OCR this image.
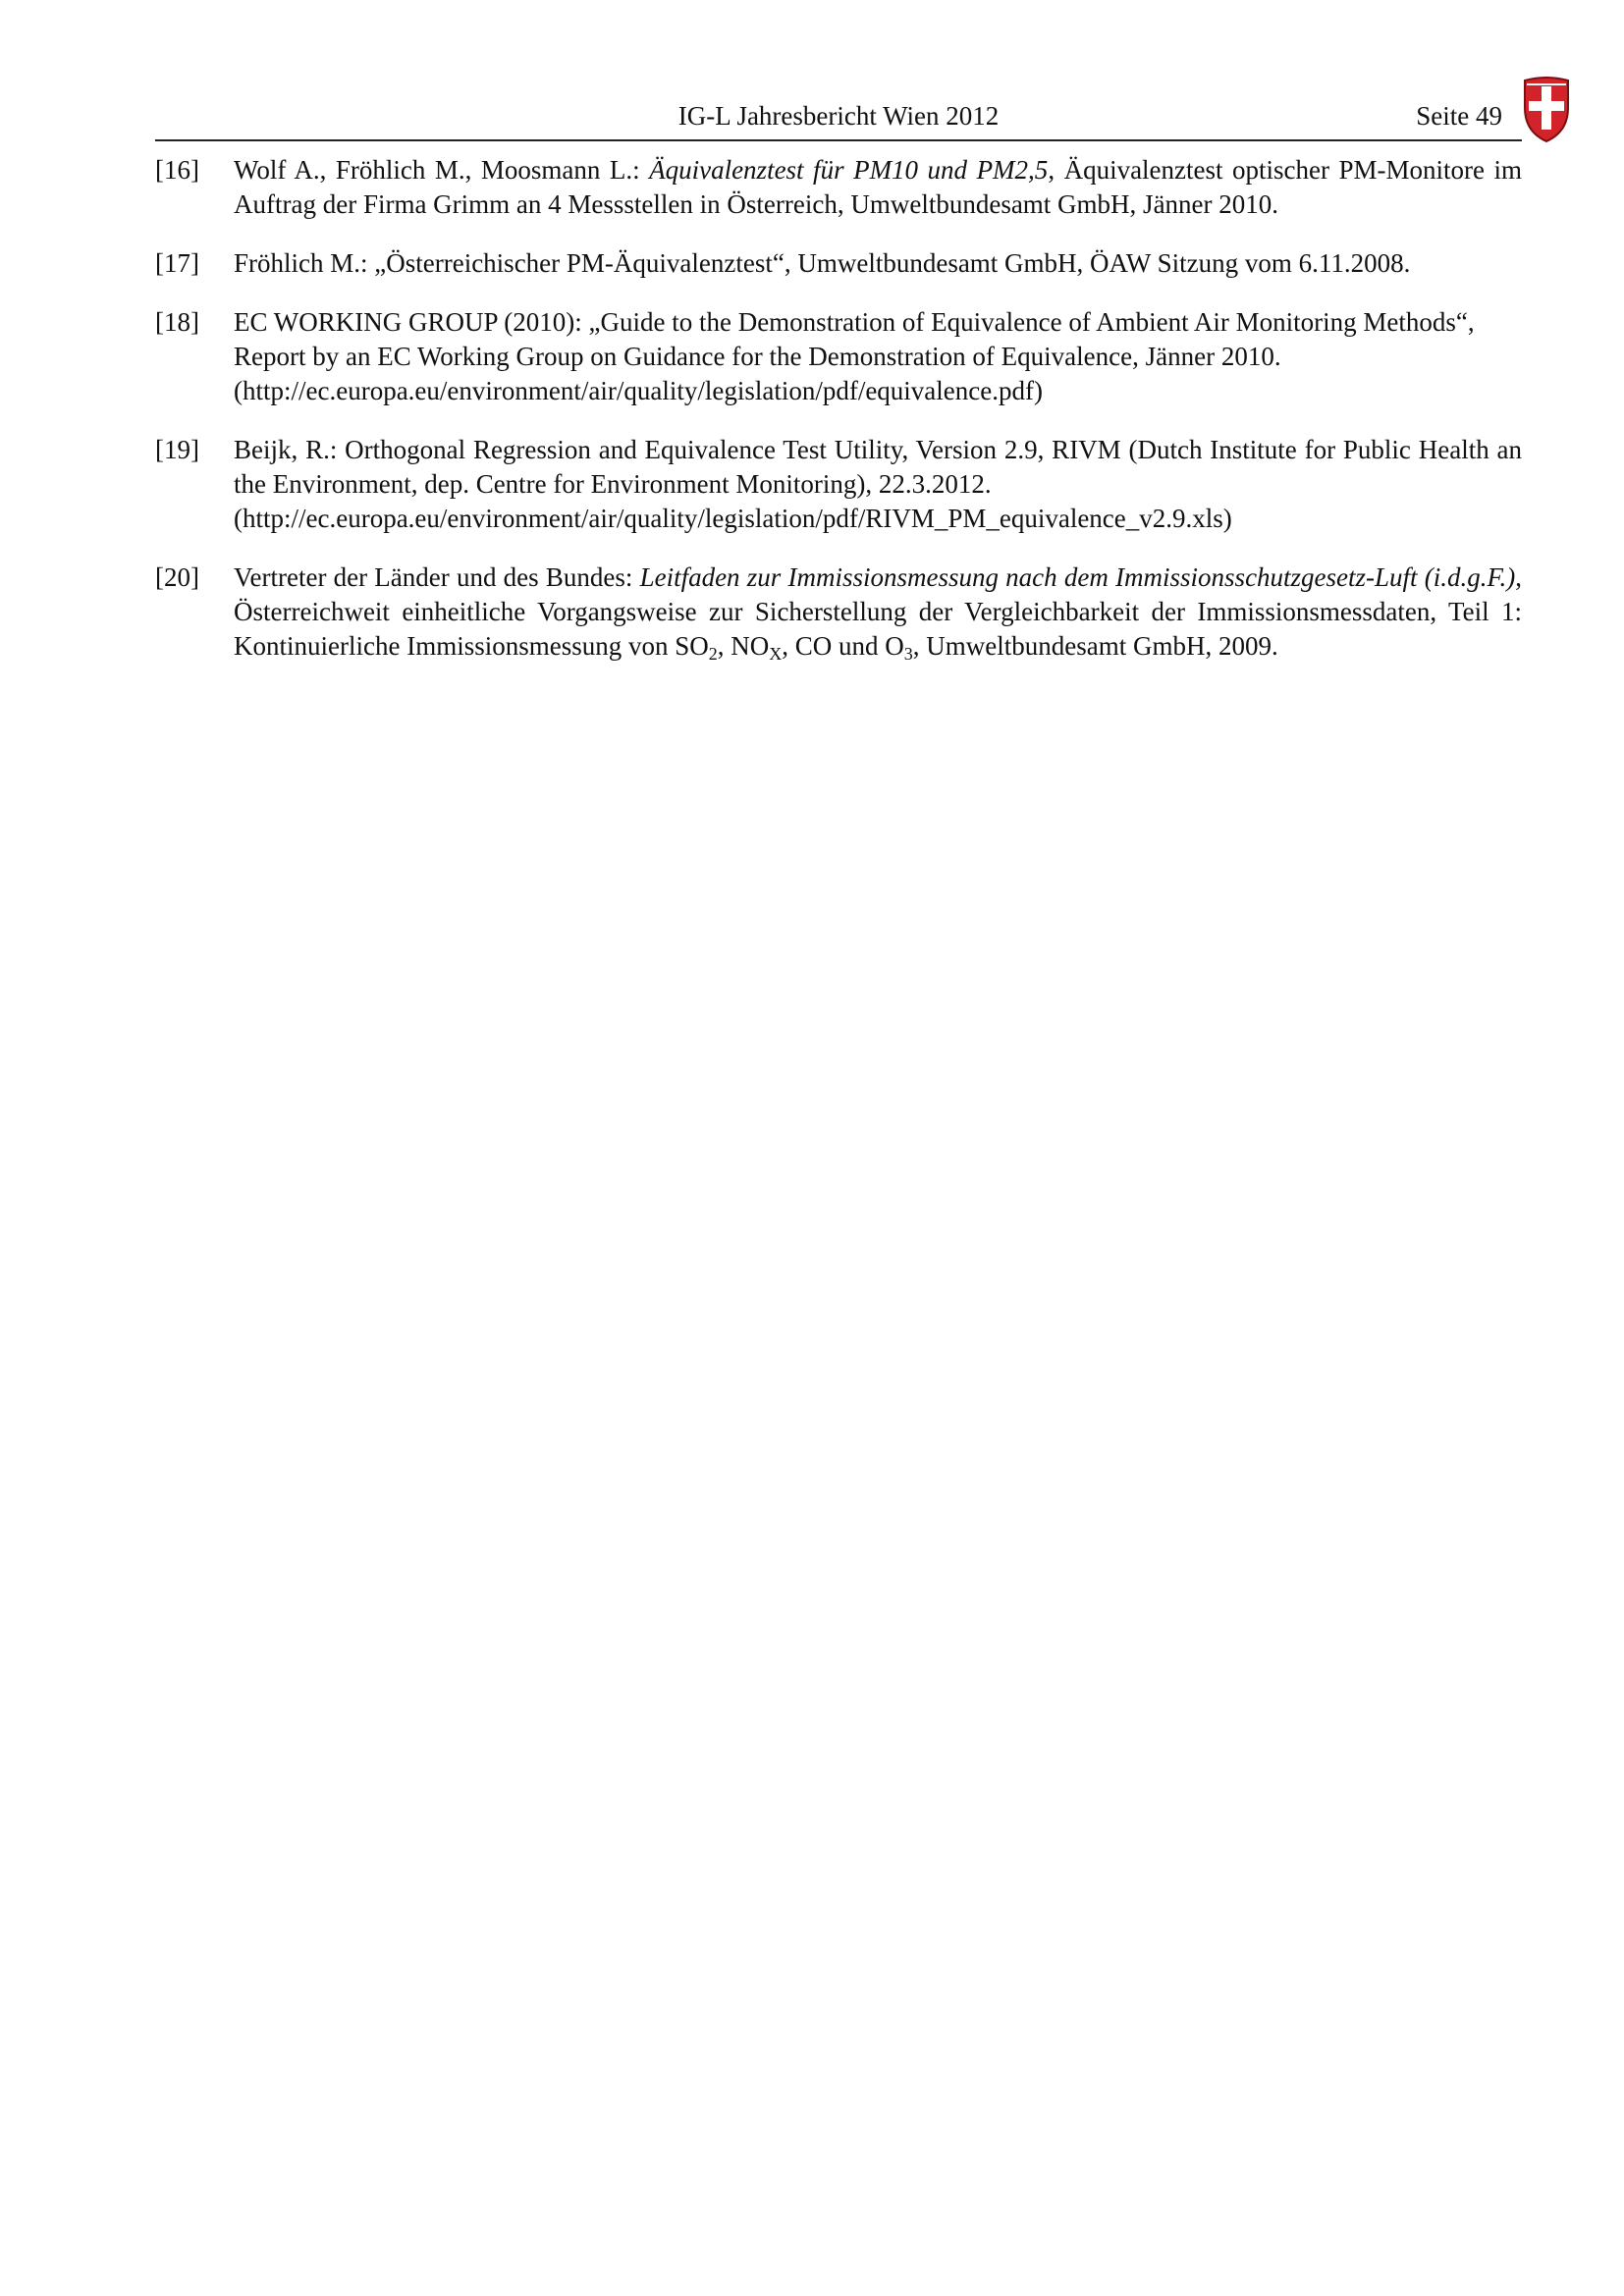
IG-L Jahresbericht Wien 2012	Seite 49
[16]	Wolf A., Fröhlich M., Moosmann L.: Äquivalenztest für PM10 und PM2,5, Äquivalenztest optischer PM-Monitore im Auftrag der Firma Grimm an 4 Messstellen in Österreich, Umweltbundesamt GmbH, Jänner 2010.
[17]	Fröhlich M.: „Österreichischer PM-Äquivalenztest“, Umweltbundesamt GmbH, ÖAW Sitzung vom 6.11.2008.
[18]	EC WORKING GROUP (2010): „Guide to the Demonstration of Equivalence of Ambient Air Monitoring Methods“, Report by an EC Working Group on Guidance for the Demonstration of Equivalence, Jänner 2010.
(http://ec.europa.eu/environment/air/quality/legislation/pdf/equivalence.pdf)
[19]	Beijk, R.: Orthogonal Regression and Equivalence Test Utility, Version 2.9, RIVM (Dutch Institute for Public Health an the Environment, dep. Centre for Environment Monitoring), 22.3.2012.
(http://ec.europa.eu/environment/air/quality/legislation/pdf/RIVM_PM_equivalence_v2.9.xls)
[20]	Vertreter der Länder und des Bundes: Leitfaden zur Immissionsmessung nach dem Immissionsschutzgesetz-Luft (i.d.g.F.), Österreichweit einheitliche Vorgangsweise zur Sicherstellung der Vergleichbarkeit der Immissionsmessdaten, Teil 1: Kontinuierliche Immissionsmessung von $SO_2$, $NO_X$, CO und $O_3$, Umweltbundesamt GmbH, 2009.
